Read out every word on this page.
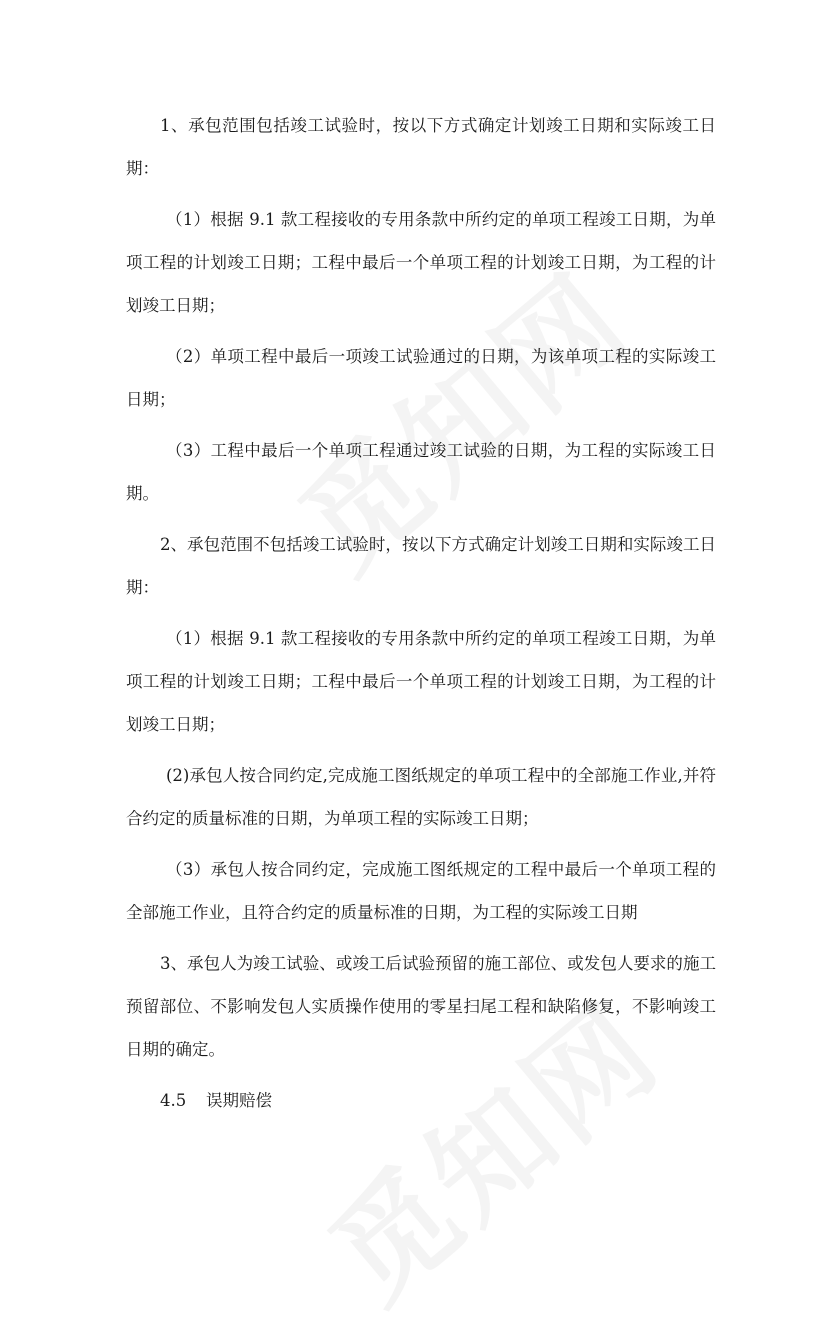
1、承包范围包括竣工试验时，按以下方式确定计划竣工日期和实际竣工日期：

（1）根据 9.1 款工程接收的专用条款中所约定的单项工程竣工日期，为单项工程的计划竣工日期；工程中最后一个单项工程的计划竣工日期，为工程的计划竣工日期；

（2）单项工程中最后一项竣工试验通过的日期，为该单项工程的实际竣工日期；

（3）工程中最后一个单项工程通过竣工试验的日期，为工程的实际竣工日期。

2、承包范围不包括竣工试验时，按以下方式确定计划竣工日期和实际竣工日期：

（1）根据 9.1 款工程接收的专用条款中所约定的单项工程竣工日期，为单项工程的计划竣工日期；工程中最后一个单项工程的计划竣工日期，为工程的计划竣工日期；

(2)承包人按合同约定,完成施工图纸规定的单项工程中的全部施工作业,并符合约定的质量标准的日期，为单项工程的实际竣工日期；

（3）承包人按合同约定，完成施工图纸规定的工程中最后一个单项工程的全部施工作业，且符合约定的质量标准的日期，为工程的实际竣工日期

3、承包人为竣工试验、或竣工后试验预留的施工部位、或发包人要求的施工预留部位、不影响发包人实质操作使用的零星扫尾工程和缺陷修复，不影响竣工日期的确定。

4.5 误期赔偿
